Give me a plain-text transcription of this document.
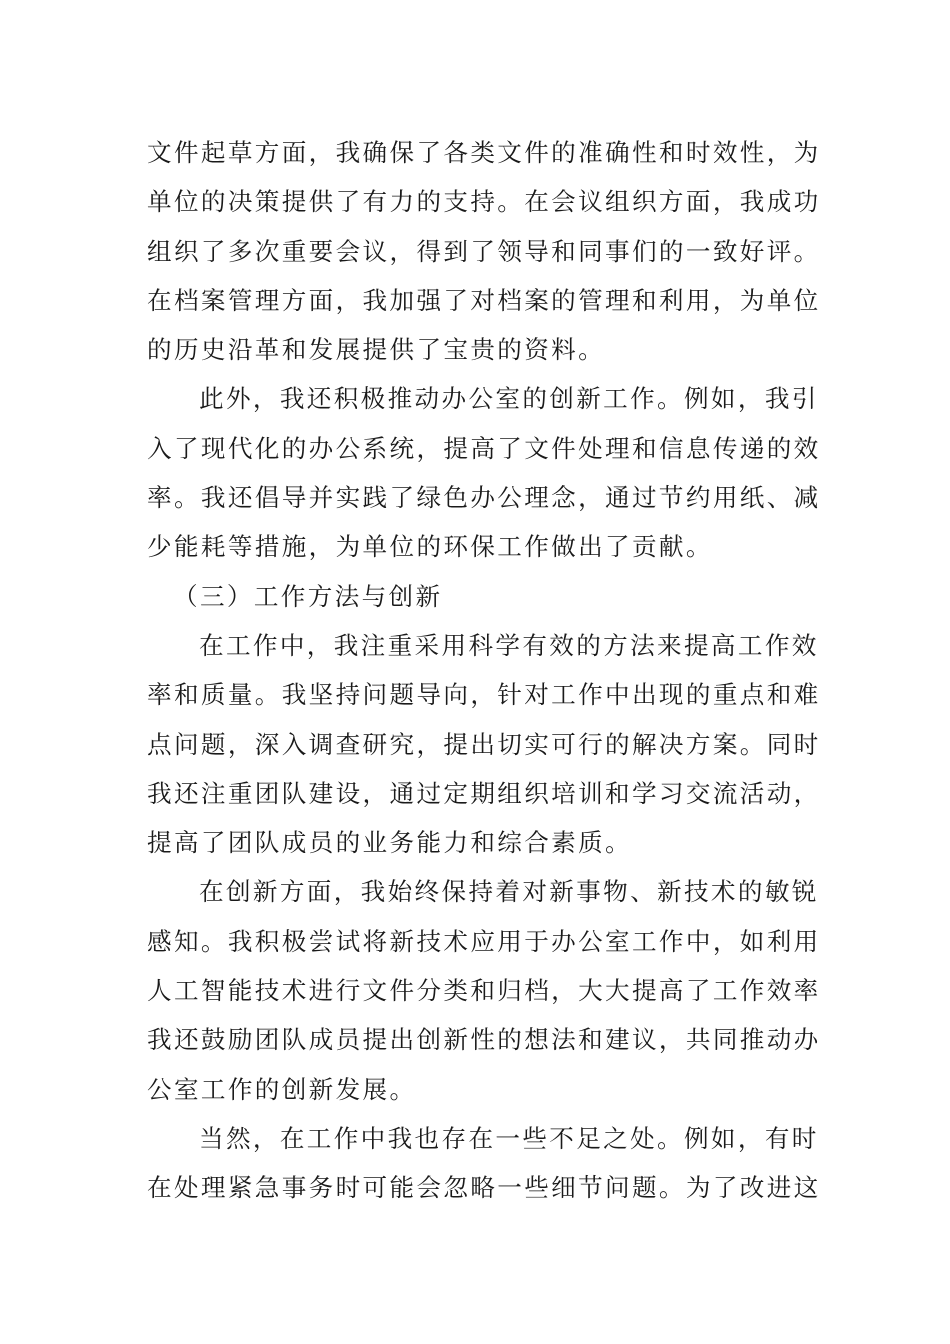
文件起草方面，我确保了各类文件的准确性和时效性，为
单位的决策提供了有力的支持。在会议组织方面，我成功
组织了多次重要会议，得到了领导和同事们的一致好评。
在档案管理方面，我加强了对档案的管理和利用，为单位
的历史沿革和发展提供了宝贵的资料。
此外，我还积极推动办公室的创新工作。例如，我引
入了现代化的办公系统，提高了文件处理和信息传递的效
率。我还倡导并实践了绿色办公理念，通过节约用纸、减
少能耗等措施，为单位的环保工作做出了贡献。
（三）工作方法与创新
在工作中，我注重采用科学有效的方法来提高工作效
率和质量。我坚持问题导向，针对工作中出现的重点和难
点问题，深入调查研究，提出切实可行的解决方案。同时
我还注重团队建设，通过定期组织培训和学习交流活动，
提高了团队成员的业务能力和综合素质。
在创新方面，我始终保持着对新事物、新技术的敏锐
感知。我积极尝试将新技术应用于办公室工作中，如利用
人工智能技术进行文件分类和归档，大大提高了工作效率
我还鼓励团队成员提出创新性的想法和建议，共同推动办
公室工作的创新发展。
当然，在工作中我也存在一些不足之处。例如，有时
在处理紧急事务时可能会忽略一些细节问题。为了改进这
